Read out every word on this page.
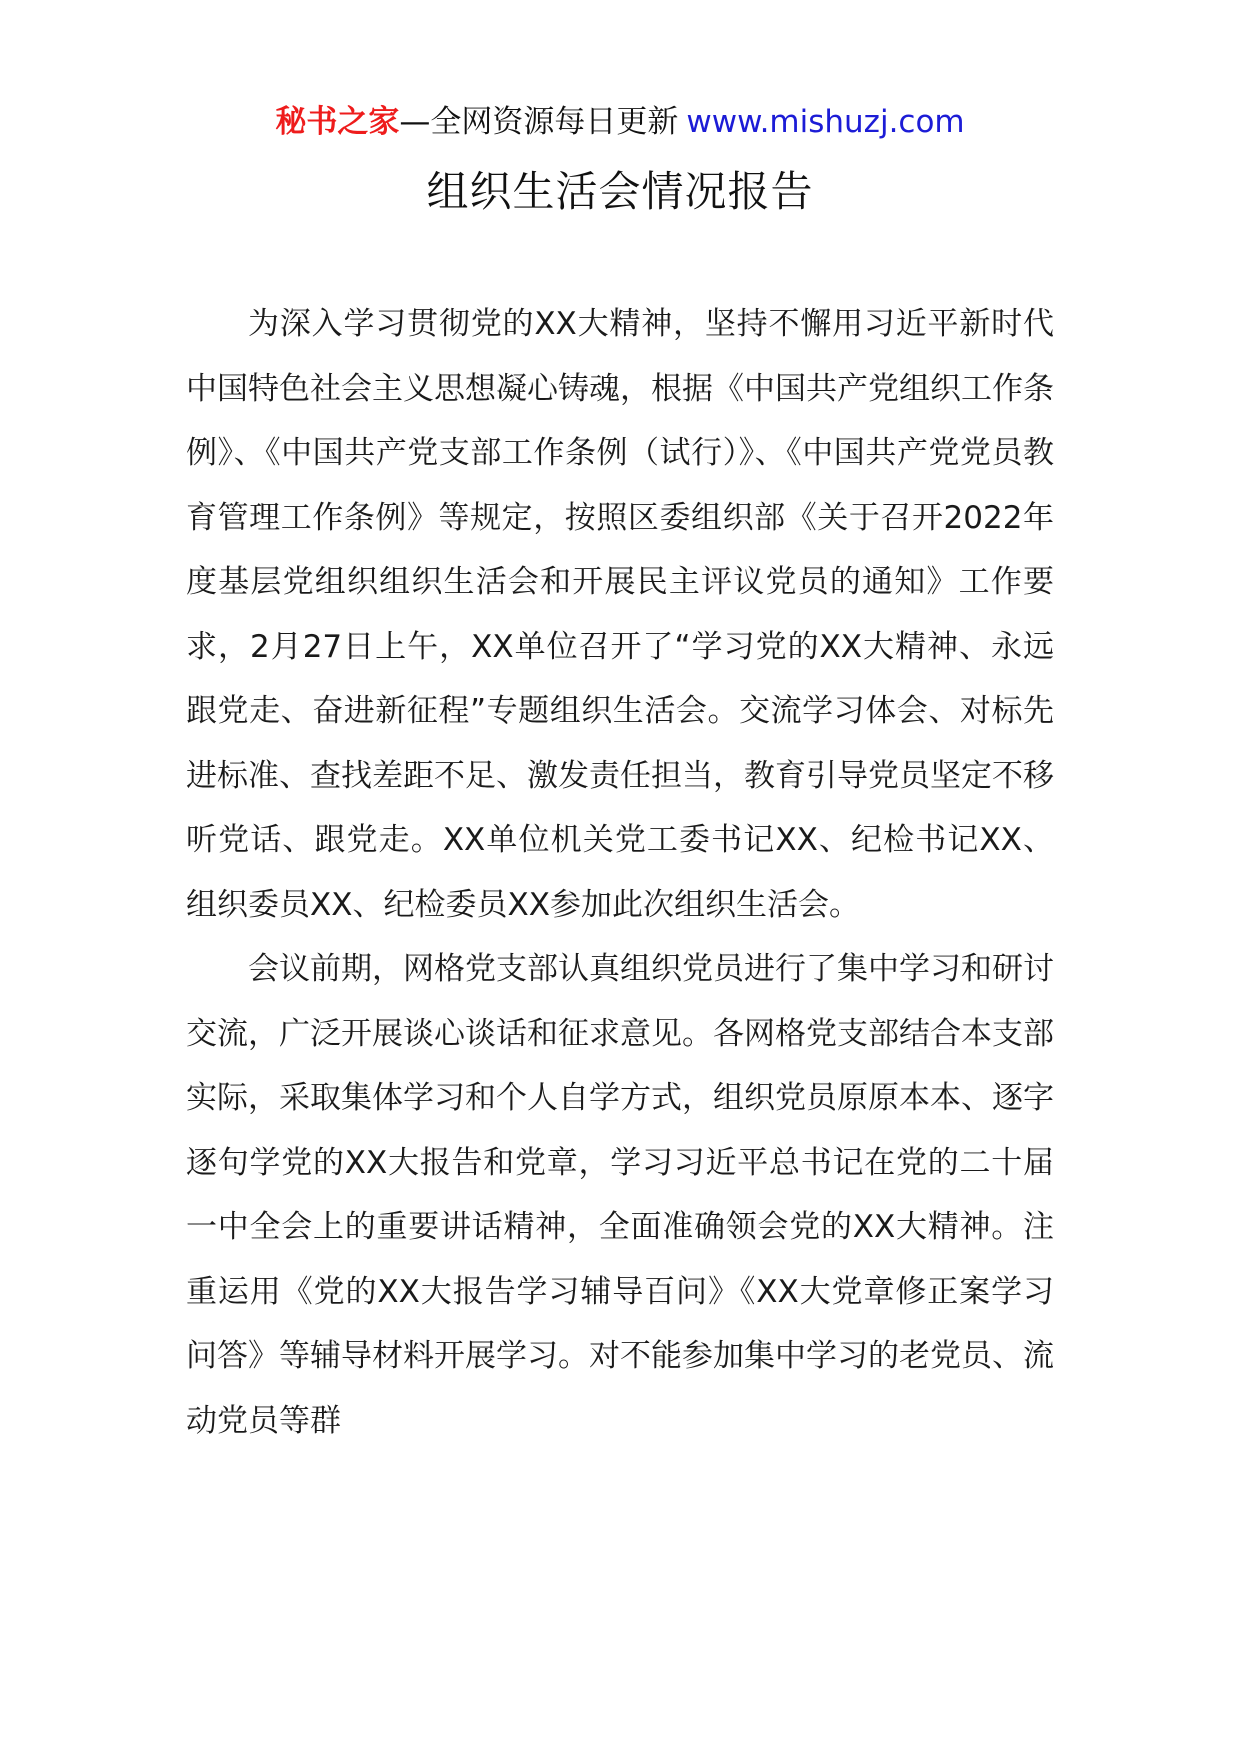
秘书之家—全网资源每日更新 www.mishuzj.com
组织生活会情况报告

为深入学习贯彻党的XX大精神，坚持不懈用习近平新时代中国特色社会主义思想凝心铸魂，根据《中国共产党组织工作条例》、《中国共产党支部工作条例（试行）》、《中国共产党党员教育管理工作条例》等规定，按照区委组织部《关于召开2022年度基层党组织组织生活会和开展民主评议党员的通知》工作要求，2月27日上午，XX单位召开了“学习党的XX大精神、永远跟党走、奋进新征程”专题组织生活会。交流学习体会、对标先进标准、查找差距不足、激发责任担当，教育引导党员坚定不移听党话、跟党走。XX单位机关党工委书记XX、纪检书记XX、组织委员XX、纪检委员XX参加此次组织生活会。

会议前期，网格党支部认真组织党员进行了集中学习和研讨交流，广泛开展谈心谈话和征求意见。各网格党支部结合本支部实际，采取集体学习和个人自学方式，组织党员原原本本、逐字逐句学党的XX大报告和党章，学习习近平总书记在党的二十届一中全会上的重要讲话精神，全面准确领会党的XX大精神。注重运用《党的XX大报告学习辅导百问》《XX大党章修正案学习问答》等辅导材料开展学习。对不能参加集中学习的老党员、流动党员等群
